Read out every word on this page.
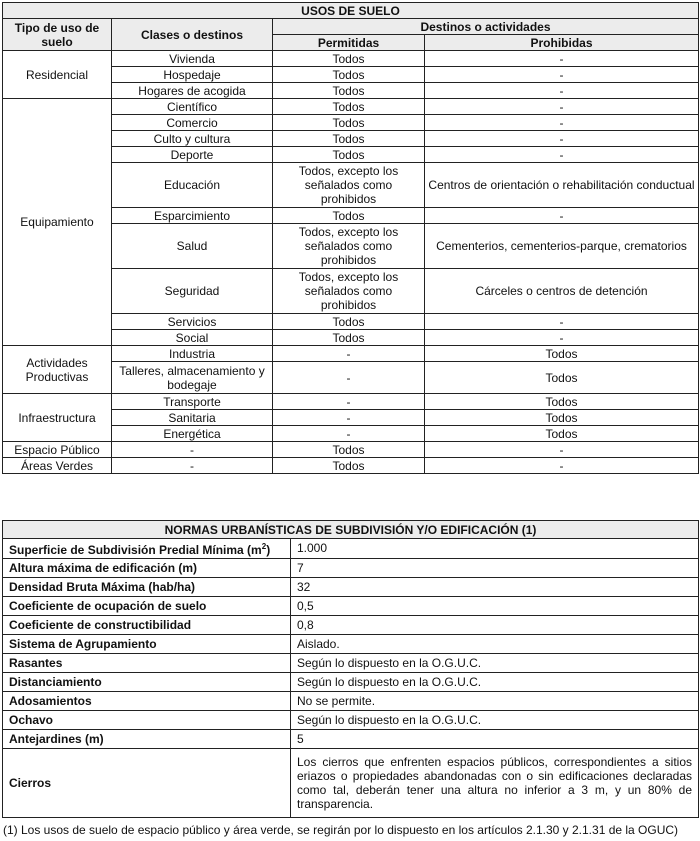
USOS DE SUELO			
Tipo de uso de suelo	Clases o destinos	Destinos o actividades	
		Permitidas	Prohibidas
Residencial	Vivienda	Todos	-
	Hospedaje	Todos	-
	Hogares de acogida	Todos	-
Equipamiento	Científico	Todos	-
	Comercio	Todos	-
	Culto y cultura	Todos	-
	Deporte	Todos	-
	Educación	Todos, excepto los señalados como prohibidos	Centros de orientación o rehabilitación conductual
	Esparcimiento	Todos	-
	Salud	Todos, excepto los señalados como prohibidos	Cementerios, cementerios-parque, crematorios
	Seguridad	Todos, excepto los señalados como prohibidos	Cárceles o centros de detención
	Servicios	Todos	-
	Social	Todos	-
Actividades Productivas	Industria	-	Todos
	Talleres, almacenamiento y bodegaje	-	Todos
Infraestructura	Transporte	-	Todos
	Sanitaria	-	Todos
	Energética	-	Todos
Espacio Público	-	Todos	-
Áreas Verdes	-	Todos	-
NORMAS URBANÍSTICAS DE SUBDIVISIÓN Y/O EDIFICACIÓN (1)	
Superficie de Subdivisión Predial Mínima $(m^2)$	1.000
Altura máxima de edificación (m)	7
Densidad Bruta Máxima (hab/ha)	32
Coeficiente de ocupación de suelo	0,5
Coeficiente de constructibilidad	0,8
Sistema de Agrupamiento	Aislado.
Rasantes	Según lo dispuesto en la O.G.U.C.
Distanciamiento	Según lo dispuesto en la O.G.U.C.
Adosamientos	No se permite.
Ochavo	Según lo dispuesto en la O.G.U.C.
Antejardines (m)	5
Cierros	Los cierros que enfrenten espacios públicos, correspondientes a sitios eriazos o propiedades abandonadas con o sin edificaciones declaradas como tal, deberán tener una altura no inferior a 3 m, y un 80% de transparencia.
(1) Los usos de suelo de espacio público y área verde, se regirán por lo dispuesto en los artículos 2.1.30 y 2.1.31 de la OGUC)
